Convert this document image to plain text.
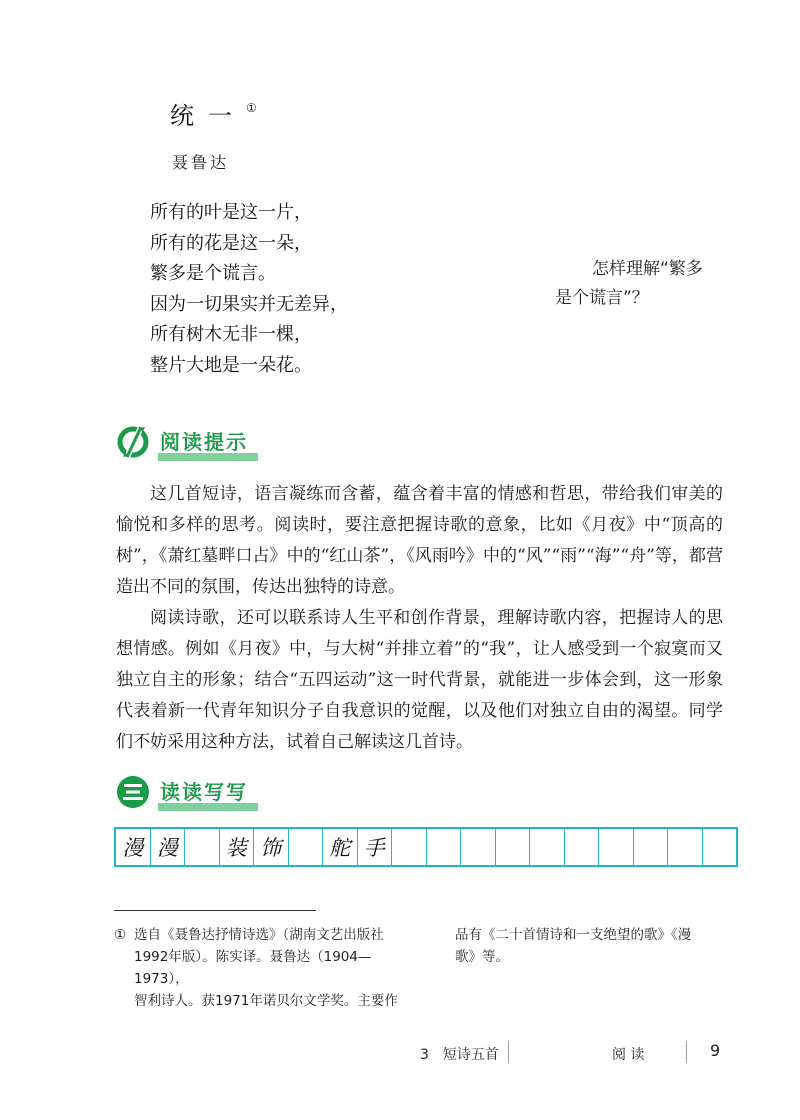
统一①
聂鲁达
所有的叶是这一片，
所有的花是这一朵，
繁多是个谎言。
因为一切果实并无差异，
所有树木无非一棵，
整片大地是一朵花。
怎样理解“繁多
是个谎言”？
阅读提示

这几首短诗，语言凝练而含蓄，蕴含着丰富的情感和哲思，带给我们审美的愉悦和多样的思考。阅读时，要注意把握诗歌的意象，比如《月夜》中“顶高的树”，《萧红墓畔口占》中的“红山茶”，《风雨吟》中的“风”“雨”“海”“舟”等，都营造出不同的氛围，传达出独特的诗意。

阅读诗歌，还可以联系诗人生平和创作背景，理解诗歌内容，把握诗人的思想情感。例如《月夜》中，与大树“并排立着”的“我”，让人感受到一个寂寞而又独立自主的形象；结合“五四运动”这一时代背景，就能进一步体会到，这一形象代表着新一代青年知识分子自我意识的觉醒，以及他们对独立自由的渴望。同学们不妨采用这种方法，试着自己解读这几首诗。

读读写写
漫 漫	装 饰	舵 手
① 选自《聂鲁达抒情诗选》（湖南文艺出版社
1992年版）。陈实译。聂鲁达（1904—1973），
智利诗人。获1971年诺贝尔文学奖。主要作
品有《二十首情诗和一支绝望的歌》《漫
歌》等。
3　短诗五首	阅 读	9
